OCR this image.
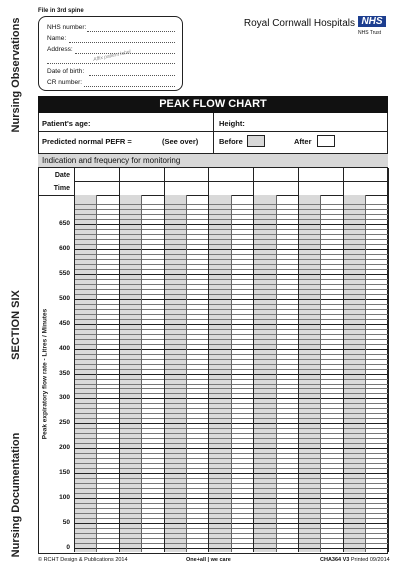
Nursing Observations
SECTION SIX
Nursing Documentation
File in 3rd spine
NHS number:
Name:
Address:
Date of birth:
CR number:
Affix patient label
Royal Cornwall Hospitals NHS
NHS Trust
PEAK FLOW CHART
Patient's age:	Height:
Predicted normal PEFR =	(See over)	Before	After
Indication and frequency for monitoring
Date
Time
Peak expiratory flow rate - Litres / Minutes
650
600
550
500
450
400
350
300
250
200
150
100
50
0
© RCHT Design & Publications 2014	One+all | we care	CHA364 V3 Printed 09/2014
